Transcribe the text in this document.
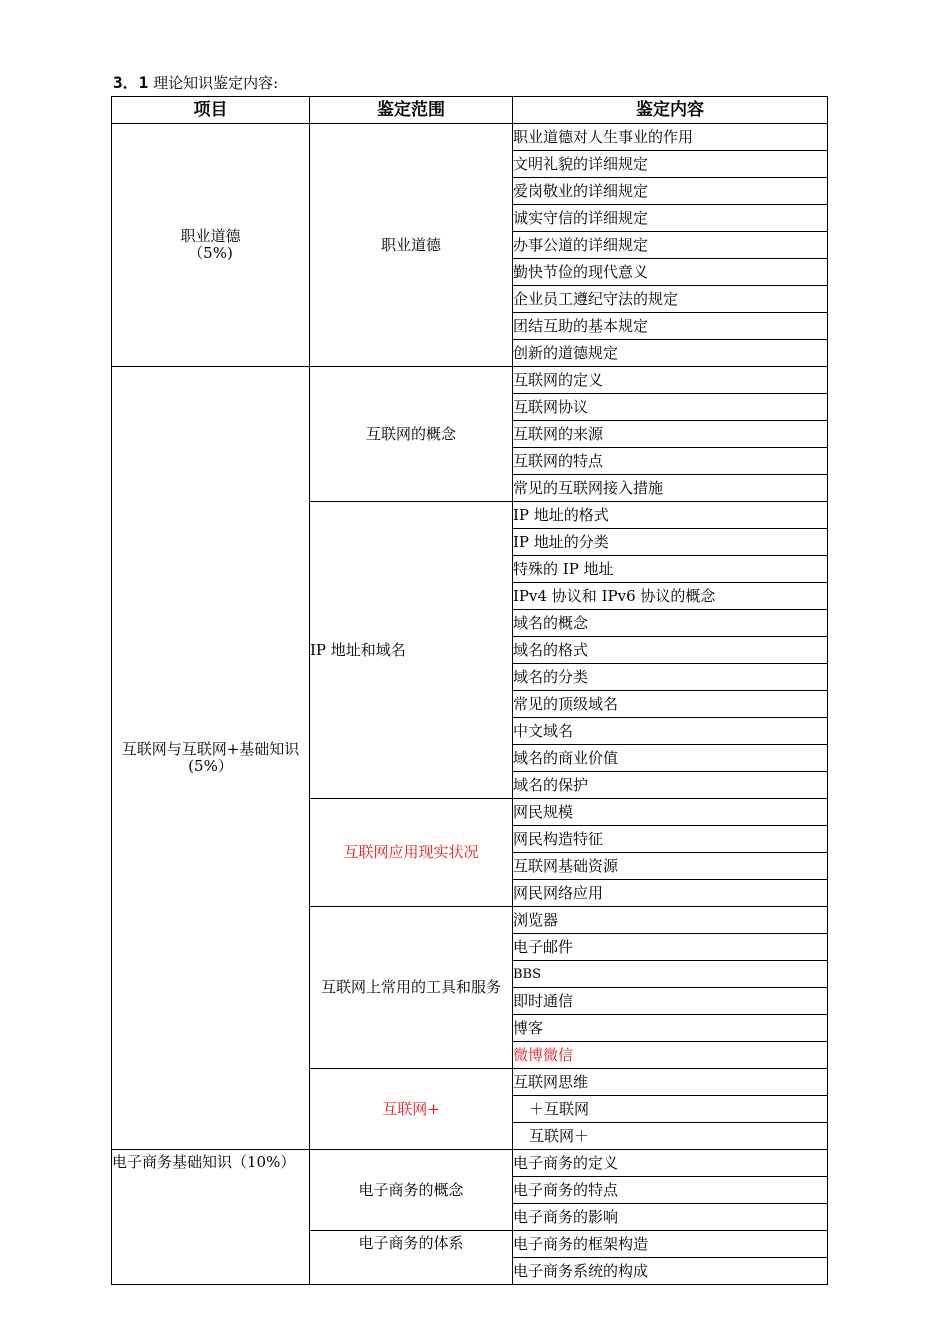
3．1 理论知识鉴定内容:
项目	鉴定范围	鉴定内容

职业道德
（5%)	职业道德	职业道德对人生事业的作用
		文明礼貌的详细规定
		爱岗敬业的详细规定
		诚实守信的详细规定
		办事公道的详细规定
		勤快节俭的现代意义
		企业员工遵纪守法的规定
		团结互助的基本规定
		创新的道德规定

互联网与互联网+基础知识
(5%）	互联网的概念	互联网的定义
		互联网协议
		互联网的来源
		互联网的特点
		常见的互联网接入措施
	IP 地址和域名	IP 地址的格式
		IP 地址的分类
		特殊的 IP 地址
		IPv4 协议和 IPv6 协议的概念
		域名的概念
		域名的格式
		域名的分类
		常见的顶级域名
		中文域名
		域名的商业价值
		域名的保护
	互联网应用现实状况	网民规模
		网民构造特征
		互联网基础资源
		网民网络应用
	互联网上常用的工具和服务	浏览器
		电子邮件
		BBS
		即时通信
		博客
		微博微信
	互联网+	互联网思维
		＋互联网
		互联网＋
电子商务基础知识（10%）	电子商务的概念	电子商务的定义
		电子商务的特点
		电子商务的影响
	电子商务的体系	电子商务的框架构造
		电子商务系统的构成
